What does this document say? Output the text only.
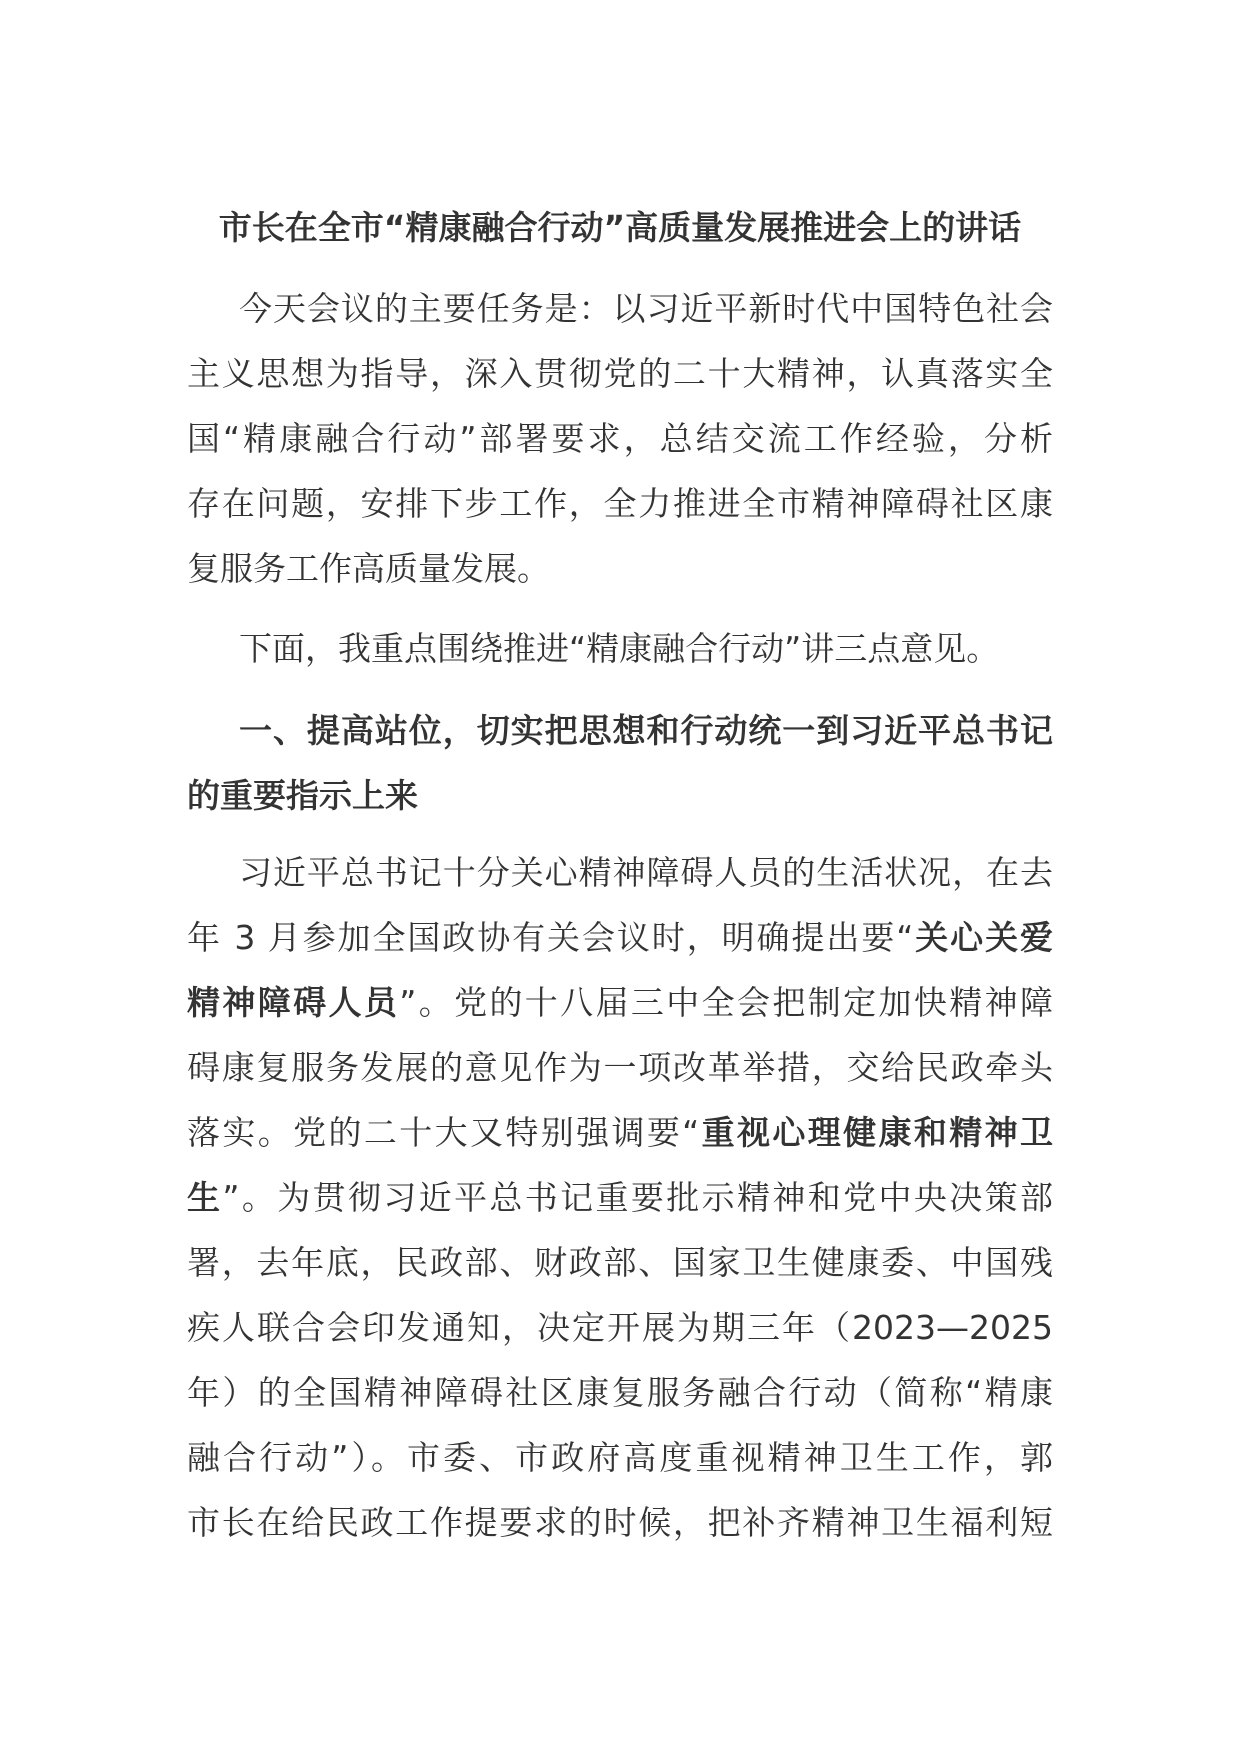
市长在全市“精康融合行动”高质量发展推进会上的讲话
今天会议的主要任务是：以习近平新时代中国特色社会
主义思想为指导，深入贯彻党的二十大精神，认真落实全
国“精康融合行动”部署要求，总结交流工作经验，分析
存在问题，安排下步工作，全力推进全市精神障碍社区康
复服务工作高质量发展。
下面，我重点围绕推进“精康融合行动”讲三点意见。
一、提高站位，切实把思想和行动统一到习近平总书记
的重要指示上来
习近平总书记十分关心精神障碍人员的生活状况，在去
年 3 月参加全国政协有关会议时，明确提出要“关心关爱
精神障碍人员”。党的十八届三中全会把制定加快精神障
碍康复服务发展的意见作为一项改革举措，交给民政牵头
落实。党的二十大又特别强调要“重视心理健康和精神卫
生”。为贯彻习近平总书记重要批示精神和党中央决策部
署，去年底，民政部、财政部、国家卫生健康委、中国残
疾人联合会印发通知，决定开展为期三年（2023—2025
年）的全国精神障碍社区康复服务融合行动（简称“精康
融合行动”）。市委、市政府高度重视精神卫生工作，郭
市长在给民政工作提要求的时候，把补齐精神卫生福利短
